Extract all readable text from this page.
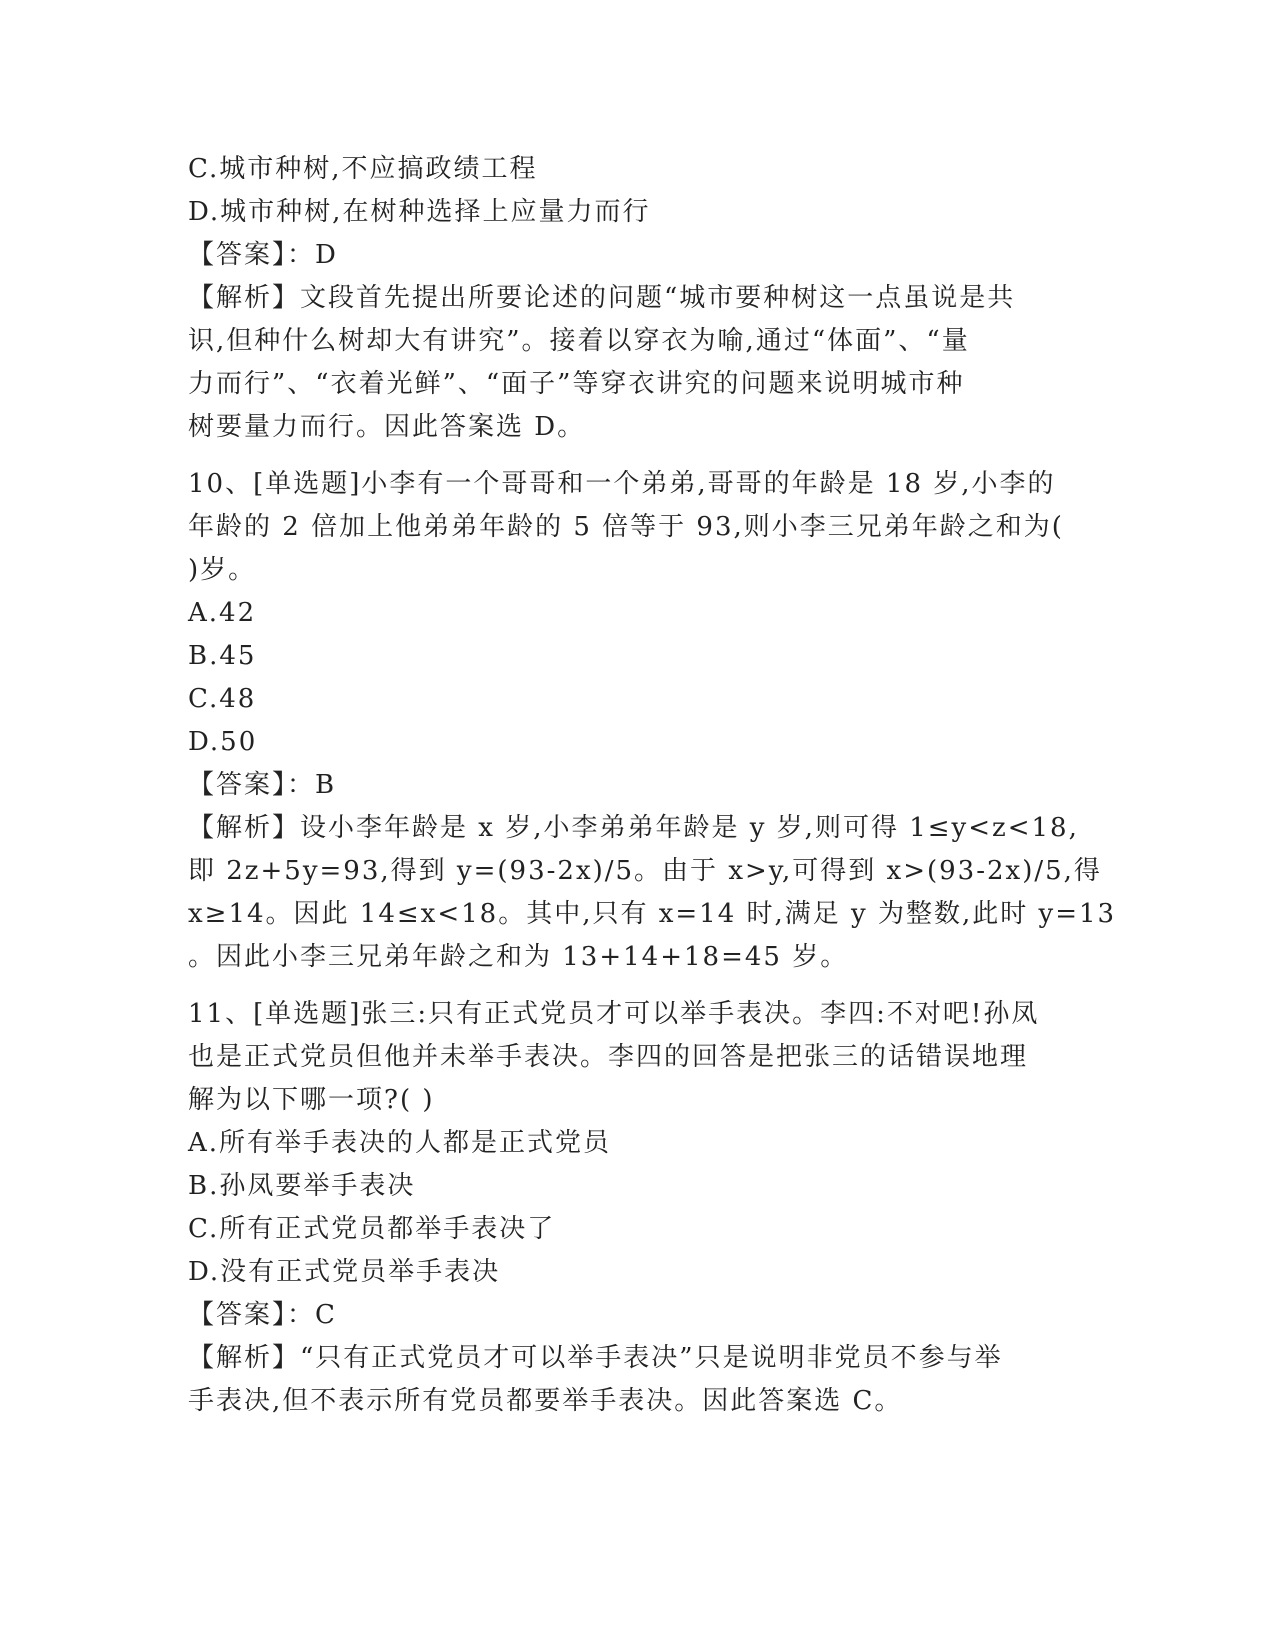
C.城市种树,不应搞政绩工程
D.城市种树,在树种选择上应量力而行
【答案】：D
【解析】文段首先提出所要论述的问题“城市要种树这一点虽说是共
识,但种什么树却大有讲究”。接着以穿衣为喻,通过“体面”、“量
力而行”、“衣着光鲜”、“面子”等穿衣讲究的问题来说明城市种
树要量力而行。因此答案选 D。
10、[单选题]小李有一个哥哥和一个弟弟,哥哥的年龄是 18 岁,小李的
年龄的 2 倍加上他弟弟年龄的 5 倍等于 93,则小李三兄弟年龄之和为(
)岁。
A.42
B.45
C.48
D.50
【答案】：B
【解析】设小李年龄是 x 岁,小李弟弟年龄是 y 岁,则可得 1≤y<z<18,
即 2z+5y=93,得到 y=(93-2x)/5。由于 x>y,可得到 x>(93-2x)/5,得
x≥14。因此 14≤x<18。其中,只有 x=14 时,满足 y 为整数,此时 y=13
。因此小李三兄弟年龄之和为 13+14+18=45 岁。
11、[单选题]张三:只有正式党员才可以举手表决。李四:不对吧!孙凤
也是正式党员但他并未举手表决。李四的回答是把张三的话错误地理
解为以下哪一项?( )
A.所有举手表决的人都是正式党员
B.孙凤要举手表决
C.所有正式党员都举手表决了
D.没有正式党员举手表决
【答案】：C
【解析】“只有正式党员才可以举手表决”只是说明非党员不参与举
手表决,但不表示所有党员都要举手表决。因此答案选 C。
